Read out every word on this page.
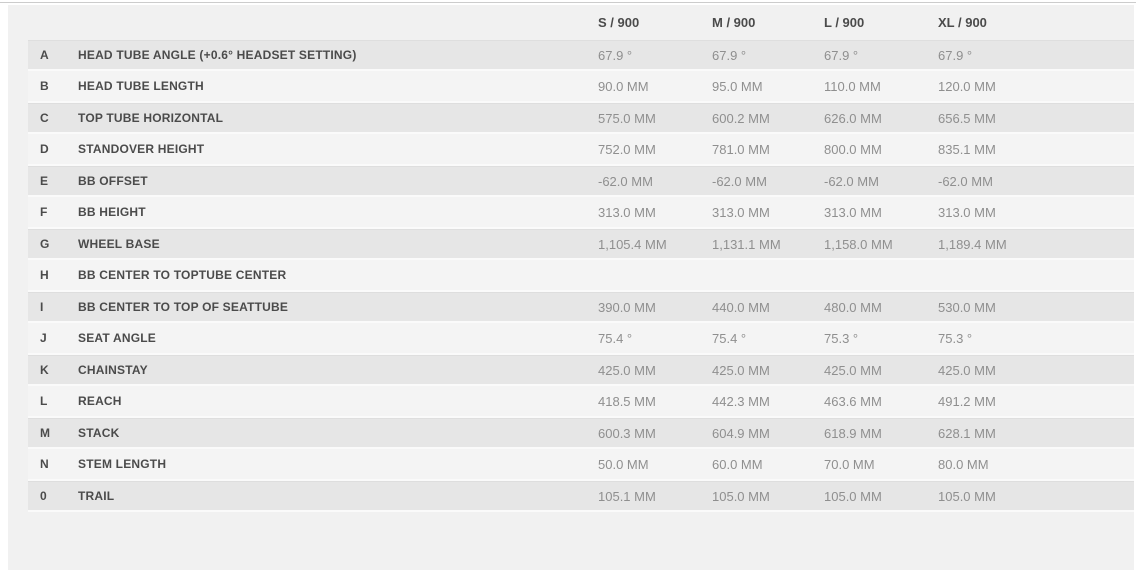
S / 900	M / 900	L / 900	XL / 900
A	HEAD TUBE ANGLE (+0.6° HEADSET SETTING)	67.9 °	67.9 °	67.9 °	67.9 °
B	HEAD TUBE LENGTH	90.0 MM	95.0 MM	110.0 MM	120.0 MM
C	TOP TUBE HORIZONTAL	575.0 MM	600.2 MM	626.0 MM	656.5 MM
D	STANDOVER HEIGHT	752.0 MM	781.0 MM	800.0 MM	835.1 MM
E	BB OFFSET	-62.0 MM	-62.0 MM	-62.0 MM	-62.0 MM
F	BB HEIGHT	313.0 MM	313.0 MM	313.0 MM	313.0 MM
G	WHEEL BASE	1,105.4 MM	1,131.1 MM	1,158.0 MM	1,189.4 MM
H	BB CENTER TO TOPTUBE CENTER
I	BB CENTER TO TOP OF SEATTUBE	390.0 MM	440.0 MM	480.0 MM	530.0 MM
J	SEAT ANGLE	75.4 °	75.4 °	75.3 °	75.3 °
K	CHAINSTAY	425.0 MM	425.0 MM	425.0 MM	425.0 MM
L	REACH	418.5 MM	442.3 MM	463.6 MM	491.2 MM
M	STACK	600.3 MM	604.9 MM	618.9 MM	628.1 MM
N	STEM LENGTH	50.0 MM	60.0 MM	70.0 MM	80.0 MM
0	TRAIL	105.1 MM	105.0 MM	105.0 MM	105.0 MM
